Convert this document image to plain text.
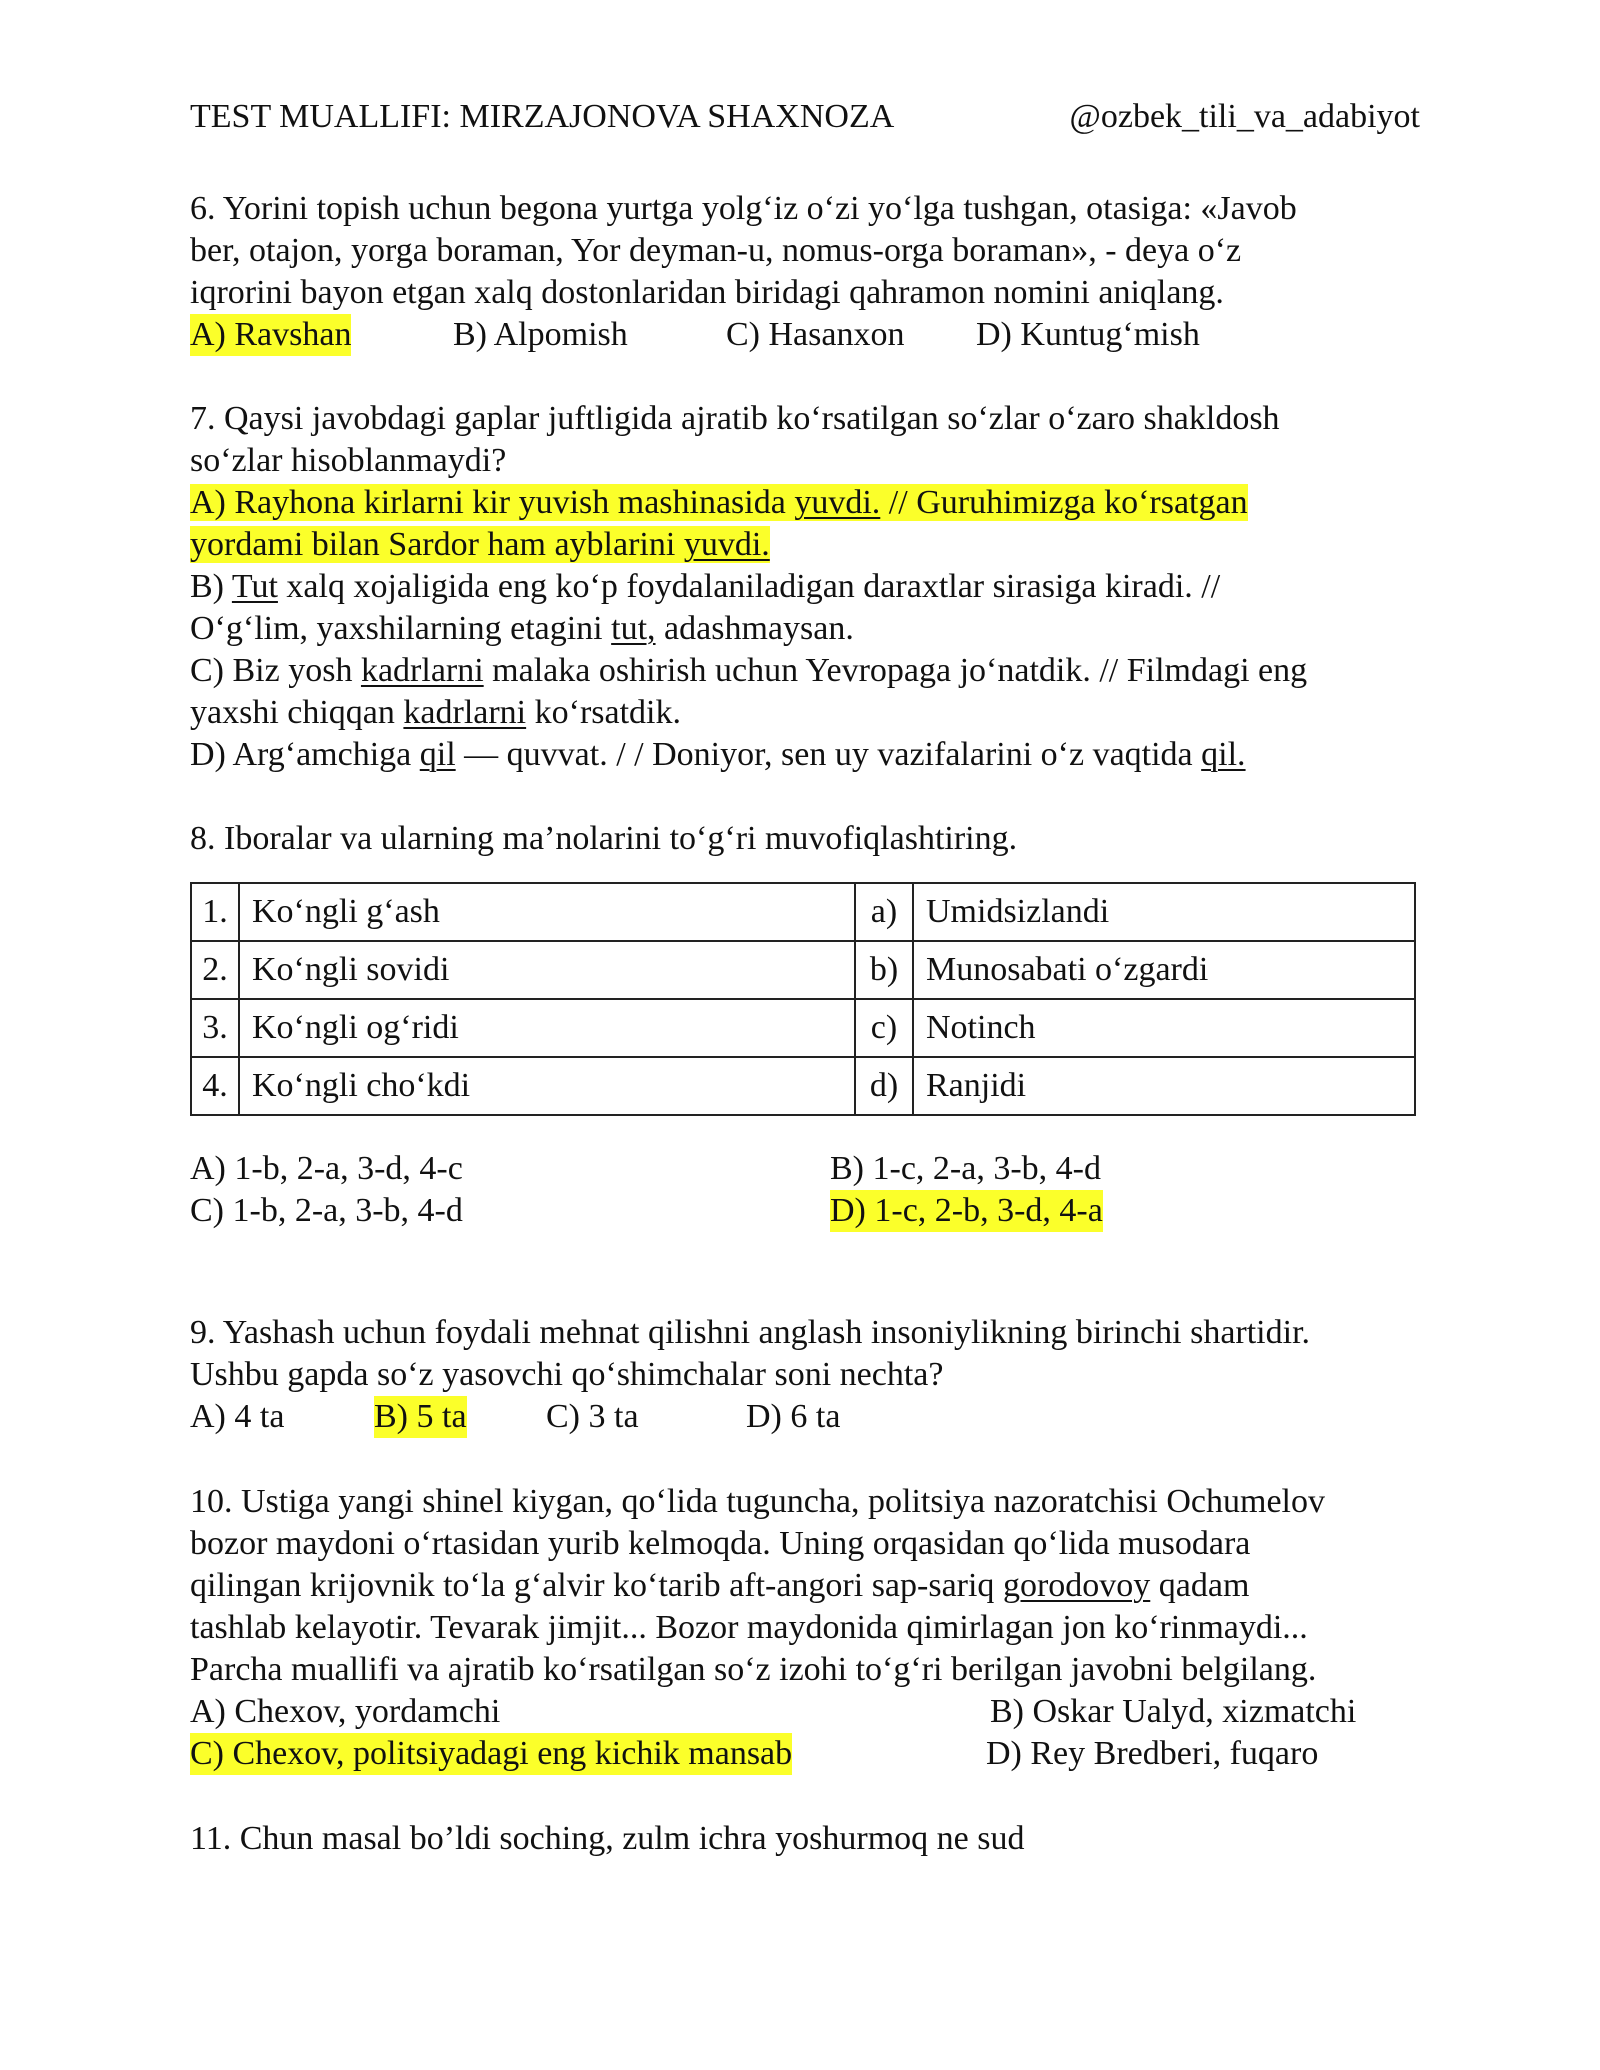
TEST MUALLIFI: MIRZAJONOVA SHAXNOZA	@ozbek_tili_va_adabiyot
6. Yorini topish uchun begona yurtga yolg‘iz o‘zi yo‘lga tushgan, otasiga: «Javob
ber, otajon, yorga boraman, Yor deyman-u, nomus-orga boraman», - deya o‘z
iqrorini bayon etgan xalq dostonlaridan biridagi qahramon nomini aniqlang.
A) Ravshan	B) Alpomish	C) Hasanxon D) Kuntug‘mish
7. Qaysi javobdagi gaplar juftligida ajratib ko‘rsatilgan so‘zlar o‘zaro shakldosh
so‘zlar hisoblanmaydi?
A) Rayhona kirlarni kir yuvish mashinasida yuvdi. // Guruhimizga ko‘rsatgan
yordami bilan Sardor ham ayblarini yuvdi.
B) Tut xalq xojaligida eng ko‘p foydalaniladigan daraxtlar sirasiga kiradi. //
O‘g‘lim, yaxshilarning etagini tut, adashmaysan.
C) Biz yosh kadrlarni malaka oshirish uchun Yevropaga jo‘natdik. // Filmdagi eng
yaxshi chiqqan kadrlarni ko‘rsatdik.
D) Arg‘amchiga qil — quvvat. / / Doniyor, sen uy vazifalarini o‘z vaqtida qil.
8. Iboralar va ularning ma’nolarini to‘g‘ri muvofiqlashtiring.
1.	Ko‘ngli g‘ash	a)	Umidsizlandi
2.	Ko‘ngli sovidi	b)	Munosabati o‘zgardi
3.	Ko‘ngli og‘ridi	c)	Notinch
4.	Ko‘ngli cho‘kdi	d)	Ranjidi
A) 1-b, 2-a, 3-d, 4-c	B) 1-c, 2-a, 3-b, 4-d
C) 1-b, 2-a, 3-b, 4-d	D) 1-c, 2-b, 3-d, 4-a
9. Yashash uchun foydali mehnat qilishni anglash insoniylikning birinchi shartidir.
Ushbu gapda so‘z yasovchi qo‘shimchalar soni nechta?
A) 4 ta	B) 5 ta C) 3 ta	D) 6 ta
10. Ustiga yangi shinel kiygan, qo‘lida tuguncha, politsiya nazoratchisi Ochumelov
bozor maydoni o‘rtasidan yurib kelmoqda. Uning orqasidan qo‘lida musodara
qilingan krijovnik to‘la g‘alvir ko‘tarib aft-angori sap-sariq gorodovoy qadam
tashlab kelayotir. Tevarak jimjit... Bozor maydonida qimirlagan jon ko‘rinmaydi...
Parcha muallifi va ajratib ko‘rsatilgan so‘z izohi to‘g‘ri berilgan javobni belgilang.
A) Chexov, yordamchi	B) Oskar Ualyd, xizmatchi
C) Chexov, politsiyadagi eng kichik mansab	D) Rey Bredberi, fuqaro
11. Chun masal bo’ldi soching, zulm ichra yoshurmoq ne sud
